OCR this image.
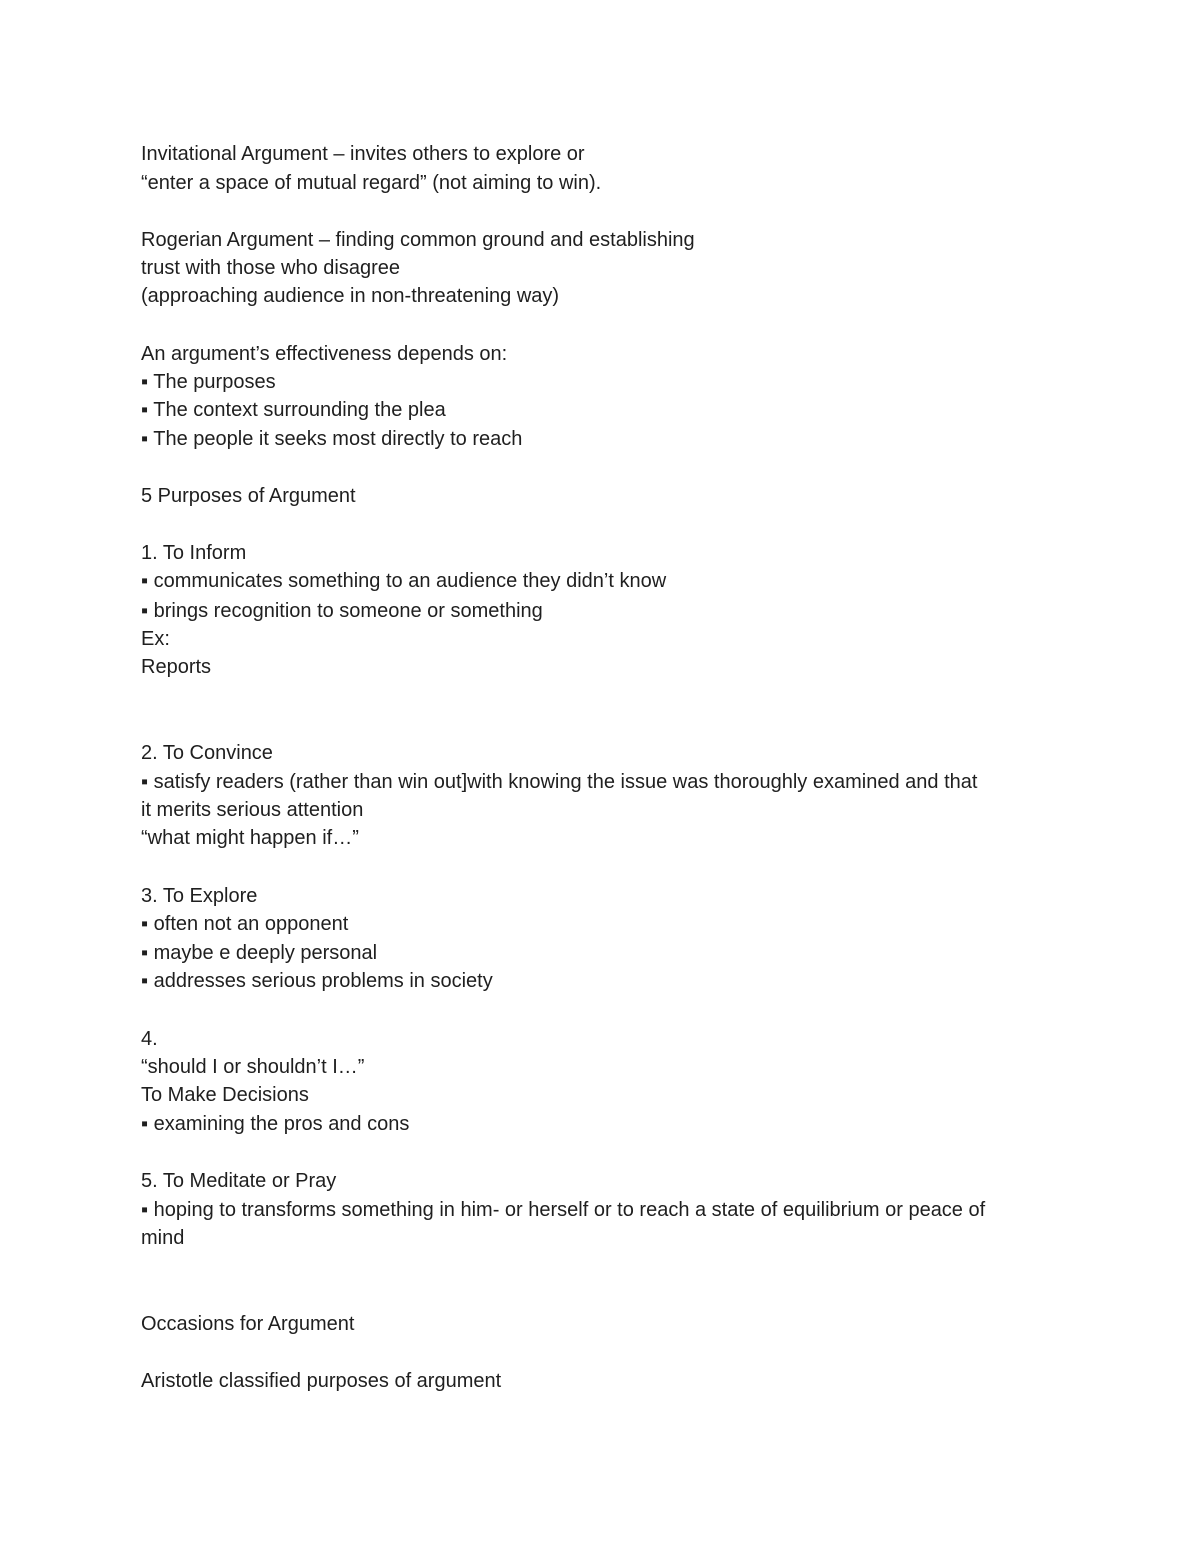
Invitational Argument – invites others to explore or
“enter a space of mutual regard” (not aiming to win).
Rogerian Argument – finding common ground and establishing
trust with those who disagree
(approaching audience in non-threatening way)
An argument’s effectiveness depends on:
▪ The purposes
▪ The context surrounding the plea
▪ The people it seeks most directly to reach
5 Purposes of Argument
1. To Inform
▪ communicates something to an audience they didn’t know
▪ brings recognition to someone or something
Ex:
Reports
2. To Convince
▪ satisfy readers (rather than win out]with knowing the issue was thoroughly examined and that
it merits serious attention
“what might happen if…”
3. To Explore
▪ often not an opponent
▪ maybe e deeply personal
▪ addresses serious problems in society
4.
“should I or shouldn’t I…”
To Make Decisions
▪ examining the pros and cons
5. To Meditate or Pray
▪ hoping to transforms something in him- or herself or to reach a state of equilibrium or peace of
mind
Occasions for Argument
Aristotle classified purposes of argument
